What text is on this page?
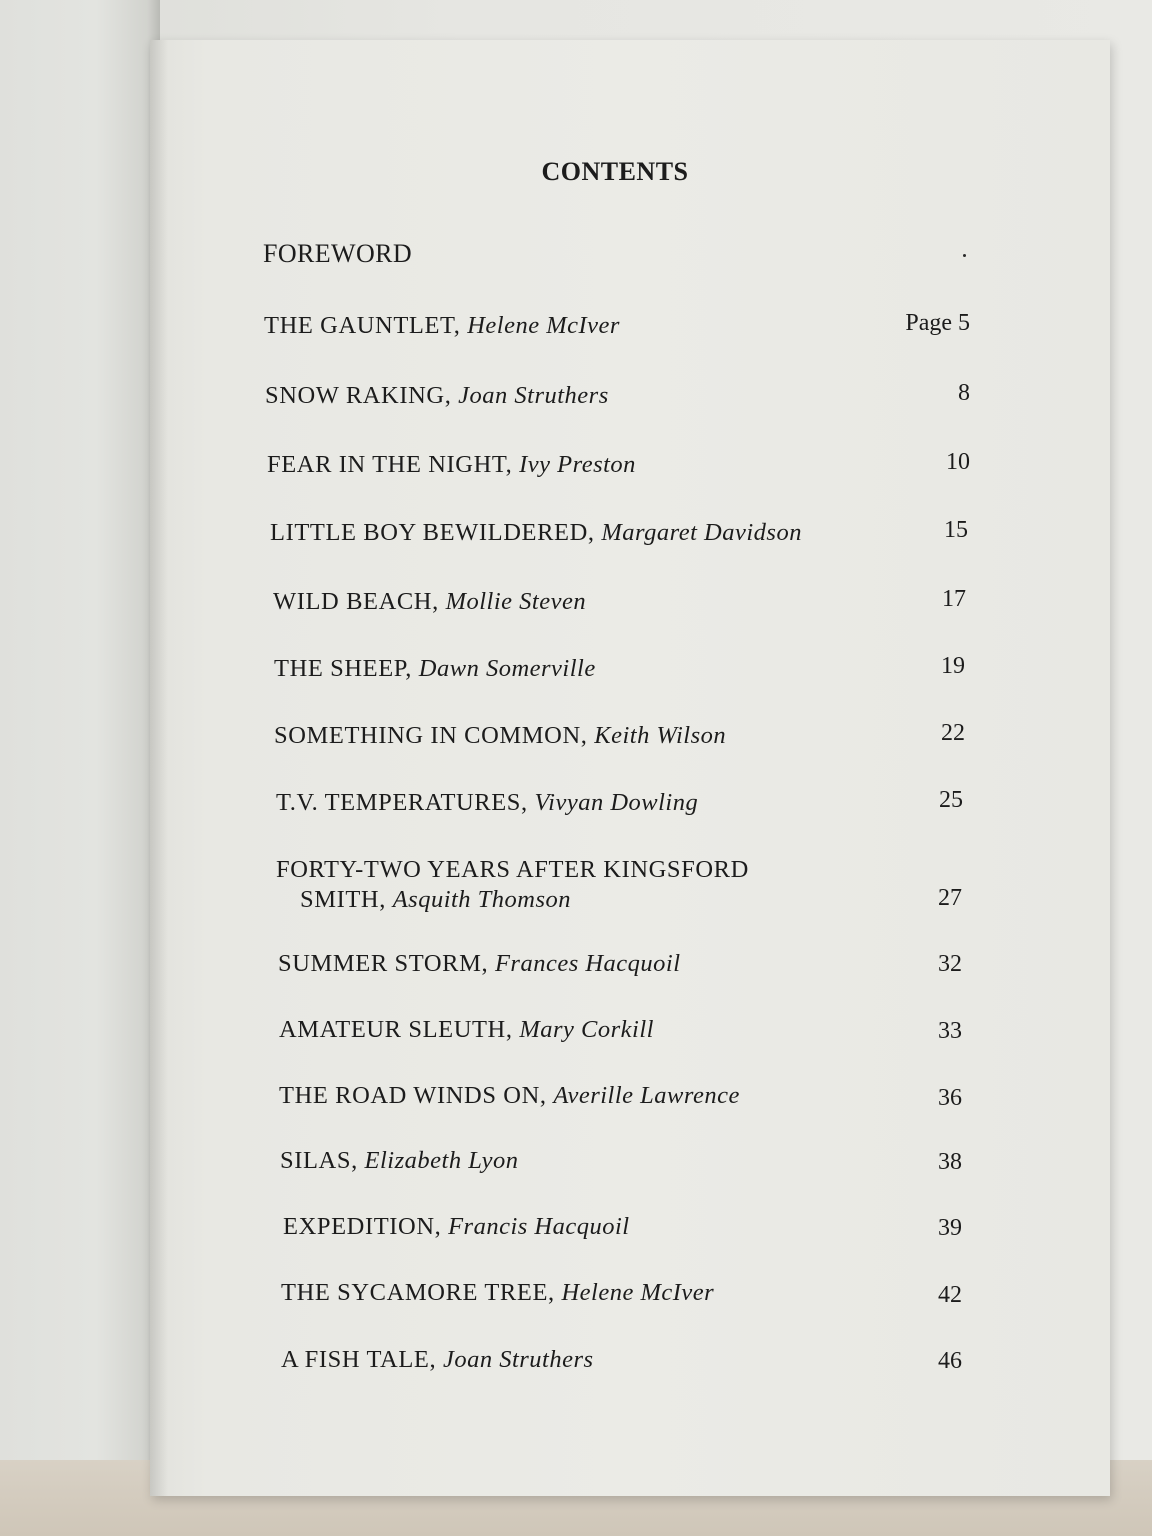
CONTENTS
FOREWORD
THE GAUNTLET, Helene McIver	Page 5
SNOW RAKING, Joan Struthers	8
FEAR IN THE NIGHT, Ivy Preston	10
LITTLE BOY BEWILDERED, Margaret Davidson	15
WILD BEACH, Mollie Steven	17
THE SHEEP, Dawn Somerville	19
SOMETHING IN COMMON, Keith Wilson	22
T.V. TEMPERATURES, Vivyan Dowling	25
FORTY-TWO YEARS AFTER KINGSFORD
SMITH, Asquith Thomson	27
SUMMER STORM, Frances Hacquoil	32
AMATEUR SLEUTH, Mary Corkill	33
THE ROAD WINDS ON, Averille Lawrence	36
SILAS, Elizabeth Lyon	38
EXPEDITION, Francis Hacquoil	39
THE SYCAMORE TREE, Helene McIver	42
A FISH TALE, Joan Struthers	46
